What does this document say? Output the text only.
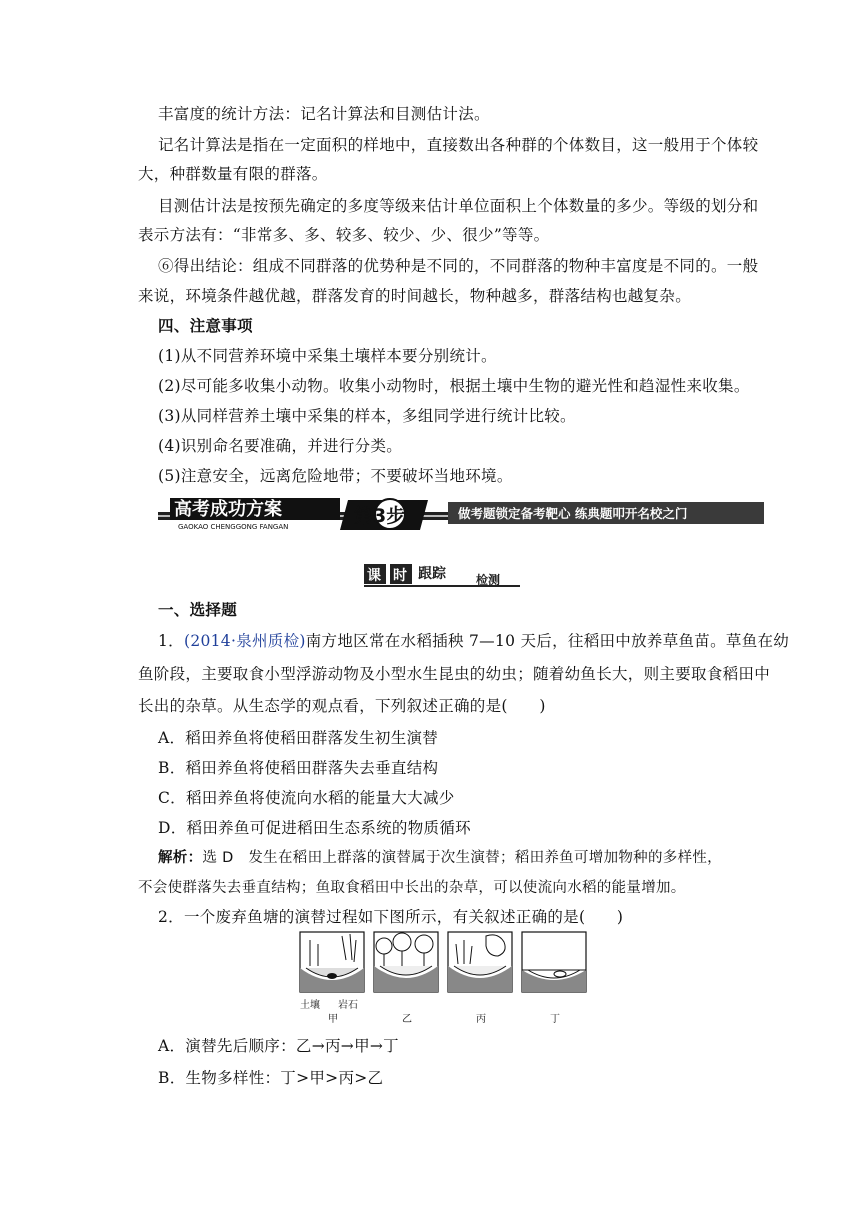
丰富度的统计方法：记名计算法和目测估计法。
记名计算法是指在一定面积的样地中，直接数出各种群的个体数目，这一般用于个体较
大，种群数量有限的群落。
目测估计法是按预先确定的多度等级来估计单位面积上个体数量的多少。等级的划分和
表示方法有：“非常多、多、较多、较少、少、很少”等等。
⑥得出结论：组成不同群落的优势种是不同的，不同群落的物种丰富度是不同的。一般
来说，环境条件越优越，群落发育的时间越长，物种越多，群落结构也越复杂。
四、注意事项
(1)从不同营养环境中采集土壤样本要分别统计。
(2)尽可能多收集小动物。收集小动物时，根据土壤中生物的避光性和趋湿性来收集。
(3)从同样营养土壤中采集的样本，多组同学进行统计比较。
(4)识别命名要准确，并进行分类。
(5)注意安全，远离危险地带；不要破坏当地环境。
高考成功方案
GAOKAO CHENGGONG FANGAN	第3步	做考题锁定备考靶心 练典题叩开名校之门
课 时 跟踪	检测
一、选择题
1．(2014·泉州质检)南方地区常在水稻插秧 7—10 天后，往稻田中放养草鱼苗。草鱼在幼
鱼阶段，主要取食小型浮游动物及小型水生昆虫的幼虫；随着幼鱼长大，则主要取食稻田中
长出的杂草。从生态学的观点看，下列叙述正确的是(　　)
A．稻田养鱼将使稻田群落发生初生演替
B．稻田养鱼将使稻田群落失去垂直结构
C．稻田养鱼将使流向水稻的能量大大减少
D．稻田养鱼可促进稻田生态系统的物质循环
解析：选 D　发生在稻田上群落的演替属于次生演替；稻田养鱼可增加物种的多样性，
不会使群落失去垂直结构；鱼取食稻田中长出的杂草，可以使流向水稻的能量增加。
2．一个废弃鱼塘的演替过程如下图所示，有关叙述正确的是(　　)
土壤 岩石
甲	乙	丙	丁
A．演替先后顺序：乙→丙→甲→丁
B．生物多样性：丁>甲>丙>乙
